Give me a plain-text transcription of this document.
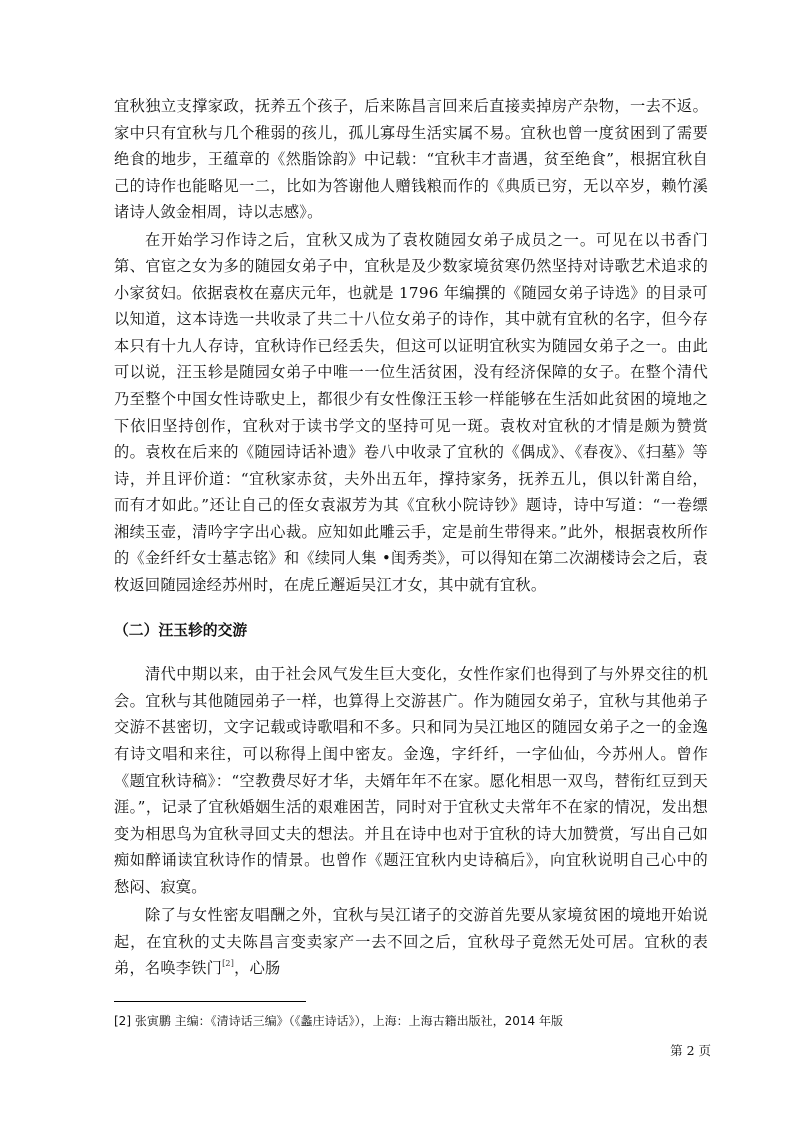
宜秋独立支撑家政，抚养五个孩子，后来陈昌言回来后直接卖掉房产杂物，一去不返。家中只有宜秋与几个稚弱的孩儿，孤儿寡母生活实属不易。宜秋也曾一度贫困到了需要绝食的地步，王蕴章的《然脂馀韵》中记载：“宜秋丰才啬遇，贫至绝食”，根据宜秋自己的诗作也能略见一二，比如为答谢他人赠钱粮而作的《典质已穷，无以卒岁，赖竹溪诸诗人敛金相周，诗以志感》。

在开始学习作诗之后，宜秋又成为了袁枚随园女弟子成员之一。可见在以书香门第、官宦之女为多的随园女弟子中，宜秋是及少数家境贫寒仍然坚持对诗歌艺术追求的小家贫妇。依据袁枚在嘉庆元年，也就是 1796 年编撰的《随园女弟子诗选》的目录可以知道，这本诗选一共收录了共二十八位女弟子的诗作，其中就有宜秋的名字，但今存本只有十九人存诗，宜秋诗作已经丢失，但这可以证明宜秋实为随园女弟子之一。由此可以说，汪玉轸是随园女弟子中唯一一位生活贫困，没有经济保障的女子。在整个清代乃至整个中国女性诗歌史上，都很少有女性像汪玉轸一样能够在生活如此贫困的境地之下依旧坚持创作，宜秋对于读书学文的坚持可见一斑。袁枚对宜秋的才情是颇为赞赏的。袁枚在后来的《随园诗话补遗》卷八中收录了宜秋的《偶成》、《春夜》、《扫墓》等诗，并且评价道：“宜秋家赤贫，夫外出五年，撑持家务，抚养五儿，俱以针黹自给，而有才如此。”还让自己的侄女袁淑芳为其《宜秋小院诗钞》题诗，诗中写道：“一卷缥湘续玉壶，清吟字字出心裁。应知如此雕云手，定是前生带得来。”此外，根据袁枚所作的《金纤纤女士墓志铭》和《续同人集 •闺秀类》，可以得知在第二次湖楼诗会之后，袁枚返回随园途经苏州时，在虎丘邂逅吴江才女，其中就有宜秋。

（二）汪玉轸的交游

清代中期以来，由于社会风气发生巨大变化，女性作家们也得到了与外界交往的机会。宜秋与其他随园弟子一样，也算得上交游甚广。作为随园女弟子，宜秋与其他弟子交游不甚密切，文字记载或诗歌唱和不多。只和同为吴江地区的随园女弟子之一的金逸有诗文唱和来往，可以称得上闺中密友。金逸，字纤纤，一字仙仙，今苏州人。曾作《题宜秋诗稿》：“空教费尽好才华，夫婿年年不在家。愿化相思一双鸟，替衔红豆到天涯。”，记录了宜秋婚姻生活的艰难困苦，同时对于宜秋丈夫常年不在家的情况，发出想变为相思鸟为宜秋寻回丈夫的想法。并且在诗中也对于宜秋的诗大加赞赏，写出自己如痴如醉诵读宜秋诗作的情景。也曾作《题汪宜秋内史诗稿后》，向宜秋说明自己心中的愁闷、寂寞。

除了与女性密友唱酬之外，宜秋与吴江诸子的交游首先要从家境贫困的境地开始说起，在宜秋的丈夫陈昌言变卖家产一去不回之后，宜秋母子竟然无处可居。宜秋的表弟，名唤李铁门[2]，心肠

[2] 张寅鹏 主编：《清诗话三编》（《蠡庄诗话》），上海：上海古籍出版社，2014 年版
第 2 页
